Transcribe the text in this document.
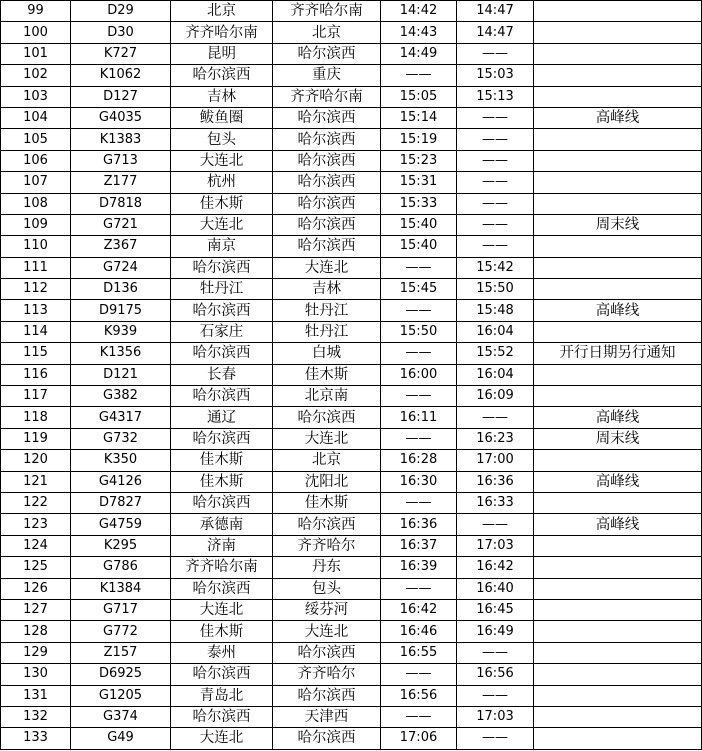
99	D29	北京	齐齐哈尔南	14:42	14:47	
100	D30	齐齐哈尔南	北京	14:43	14:47	
101	K727	昆明	哈尔滨西	14:49	——	
102	K1062	哈尔滨西	重庆	——	15:03	
103	D127	吉林	齐齐哈尔南	15:05	15:13	
104	G4035	鲅鱼圈	哈尔滨西	15:14	——	高峰线
105	K1383	包头	哈尔滨西	15:19	——	
106	G713	大连北	哈尔滨西	15:23	——	
107	Z177	杭州	哈尔滨西	15:31	——	
108	D7818	佳木斯	哈尔滨西	15:33	——	
109	G721	大连北	哈尔滨西	15:40	——	周末线
110	Z367	南京	哈尔滨西	15:40	——	
111	G724	哈尔滨西	大连北	——	15:42	
112	D136	牡丹江	吉林	15:45	15:50	
113	D9175	哈尔滨西	牡丹江	——	15:48	高峰线
114	K939	石家庄	牡丹江	15:50	16:04	
115	K1356	哈尔滨西	白城	——	15:52	开行日期另行通知
116	D121	长春	佳木斯	16:00	16:04	
117	G382	哈尔滨西	北京南	——	16:09	
118	G4317	通辽	哈尔滨西	16:11	——	高峰线
119	G732	哈尔滨西	大连北	——	16:23	周末线
120	K350	佳木斯	北京	16:28	17:00	
121	G4126	佳木斯	沈阳北	16:30	16:36	高峰线
122	D7827	哈尔滨西	佳木斯	——	16:33	
123	G4759	承德南	哈尔滨西	16:36	——	高峰线
124	K295	济南	齐齐哈尔	16:37	17:03	
125	G786	齐齐哈尔南	丹东	16:39	16:42	
126	K1384	哈尔滨西	包头	——	16:40	
127	G717	大连北	绥芬河	16:42	16:45	
128	G772	佳木斯	大连北	16:46	16:49	
129	Z157	泰州	哈尔滨西	16:55	——	
130	D6925	哈尔滨西	齐齐哈尔	——	16:56	
131	G1205	青岛北	哈尔滨西	16:56	——	
132	G374	哈尔滨西	天津西	——	17:03	
133	G49	大连北	哈尔滨西	17:06	——	
